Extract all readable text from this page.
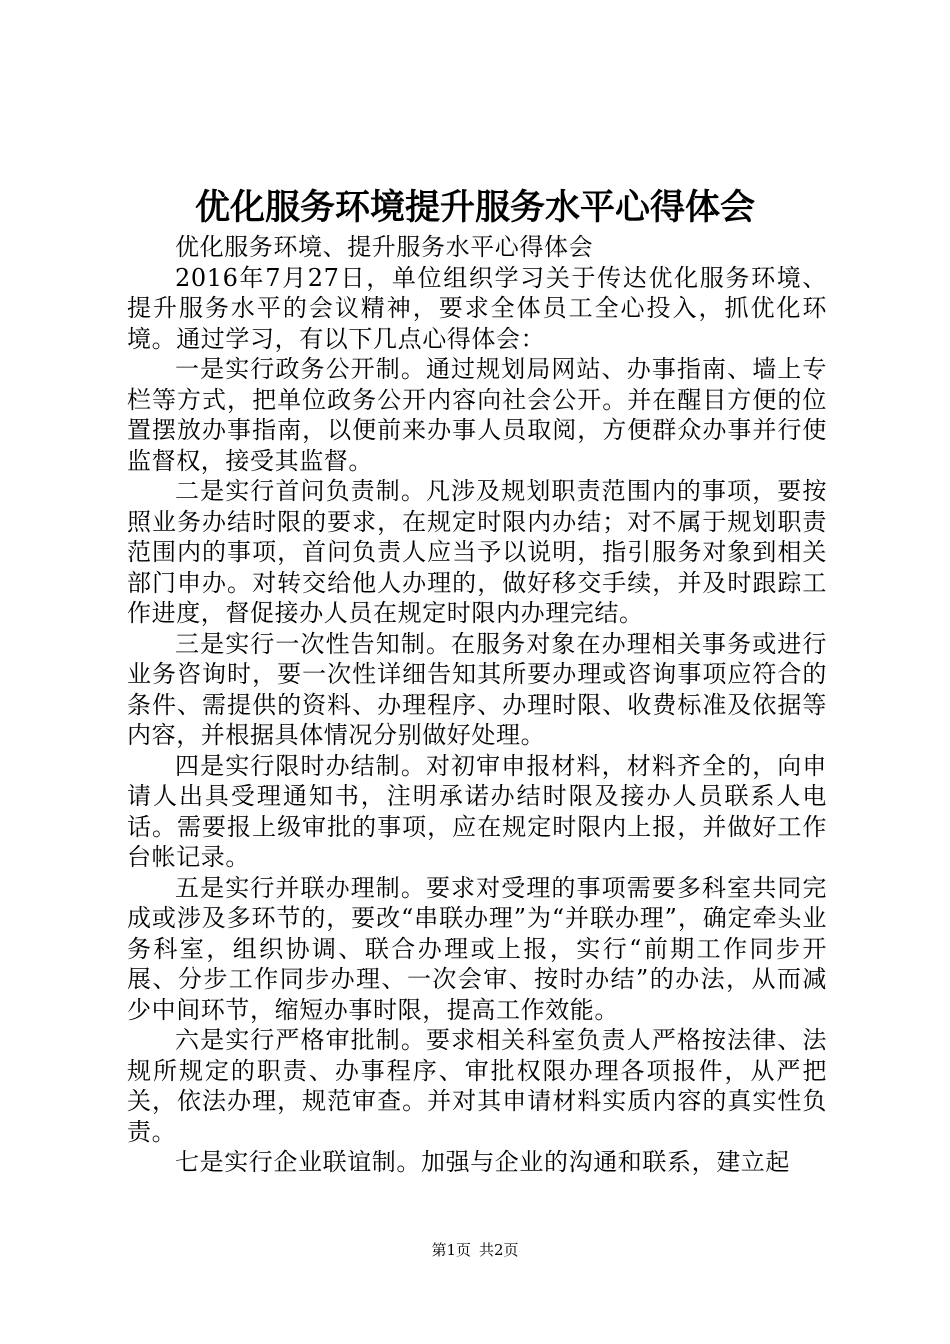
优化服务环境提升服务水平心得体会

优化服务环境、提升服务水平心得体会

2016年7月27日，单位组织学习关于传达优化服务环境、提升服务水平的会议精神，要求全体员工全心投入，抓优化环境。通过学习，有以下几点心得体会：

一是实行政务公开制。通过规划局网站、办事指南、墙上专栏等方式，把单位政务公开内容向社会公开。并在醒目方便的位置摆放办事指南，以便前来办事人员取阅，方便群众办事并行使监督权，接受其监督。

二是实行首问负责制。凡涉及规划职责范围内的事项，要按照业务办结时限的要求，在规定时限内办结；对不属于规划职责范围内的事项，首问负责人应当予以说明，指引服务对象到相关部门申办。对转交给他人办理的，做好移交手续，并及时跟踪工作进度，督促接办人员在规定时限内办理完结。

三是实行一次性告知制。在服务对象在办理相关事务或进行业务咨询时，要一次性详细告知其所要办理或咨询事项应符合的条件、需提供的资料、办理程序、办理时限、收费标准及依据等内容，并根据具体情况分别做好处理。

四是实行限时办结制。对初审申报材料，材料齐全的，向申请人出具受理通知书，注明承诺办结时限及接办人员联系人电话。需要报上级审批的事项，应在规定时限内上报，并做好工作台帐记录。

五是实行并联办理制。要求对受理的事项需要多科室共同完成或涉及多环节的，要改“串联办理”为“并联办理”，确定牵头业务科室，组织协调、联合办理或上报，实行“前期工作同步开展、分步工作同步办理、一次会审、按时办结”的办法，从而减少中间环节，缩短办事时限，提高工作效能。

六是实行严格审批制。要求相关科室负责人严格按法律、法规所规定的职责、办事程序、审批权限办理各项报件，从严把关，依法办理，规范审查。并对其申请材料实质内容的真实性负责。

七是实行企业联谊制。加强与企业的沟通和联系，建立起

第1页 共2页
